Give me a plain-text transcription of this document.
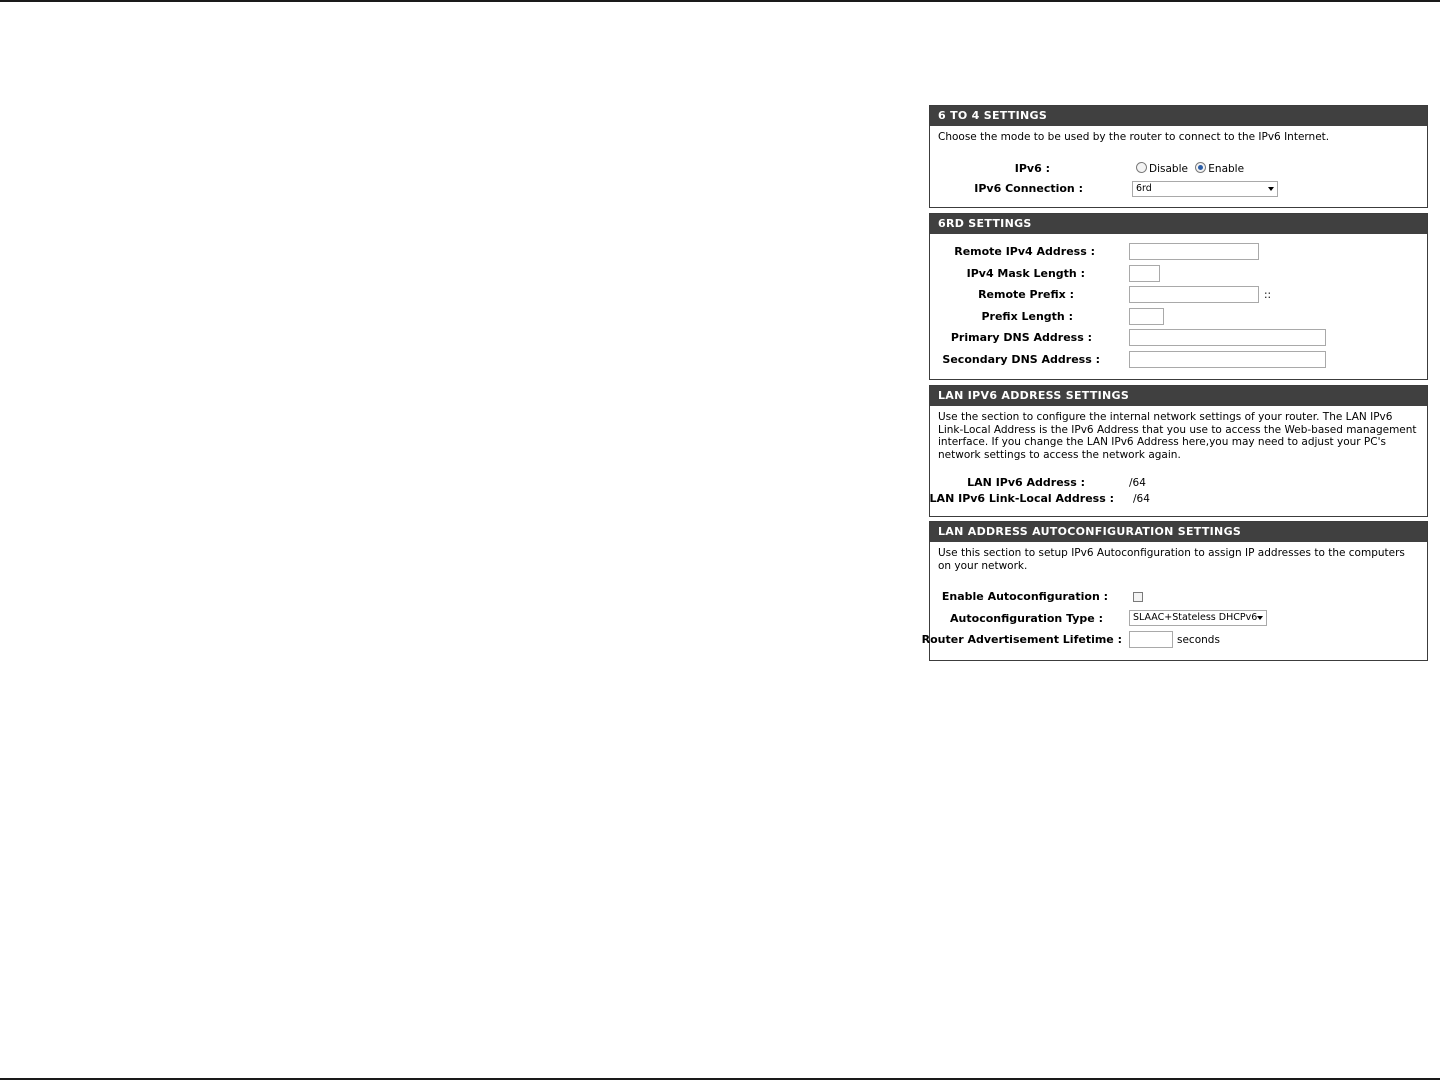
6 TO 4 SETTINGS
Choose the mode to be used by the router to connect to the IPv6 Internet.
IPv6 :	Disable Enable
IPv6 Connection :	6rd
6RD SETTINGS
Remote IPv4 Address :
IPv4 Mask Length :
Remote Prefix :	::
Prefix Length :
Primary DNS Address :
Secondary DNS Address :
LAN IPV6 ADDRESS SETTINGS
Use the section to configure the internal network settings of your router. The LAN IPv6 Link-Local Address is the IPv6 Address that you use to access the Web-based management interface. If you change the LAN IPv6 Address here,you may need to adjust your PC's network settings to access the network again.
LAN IPv6 Address :	/64
LAN IPv6 Link-Local Address : /64
LAN ADDRESS AUTOCONFIGURATION SETTINGS
Use this section to setup IPv6 Autoconfiguration to assign IP addresses to the computers on your network.
Enable Autoconfiguration :
Autoconfiguration Type :	SLAAC+Stateless DHCPv6
Router Advertisement Lifetime :	seconds
